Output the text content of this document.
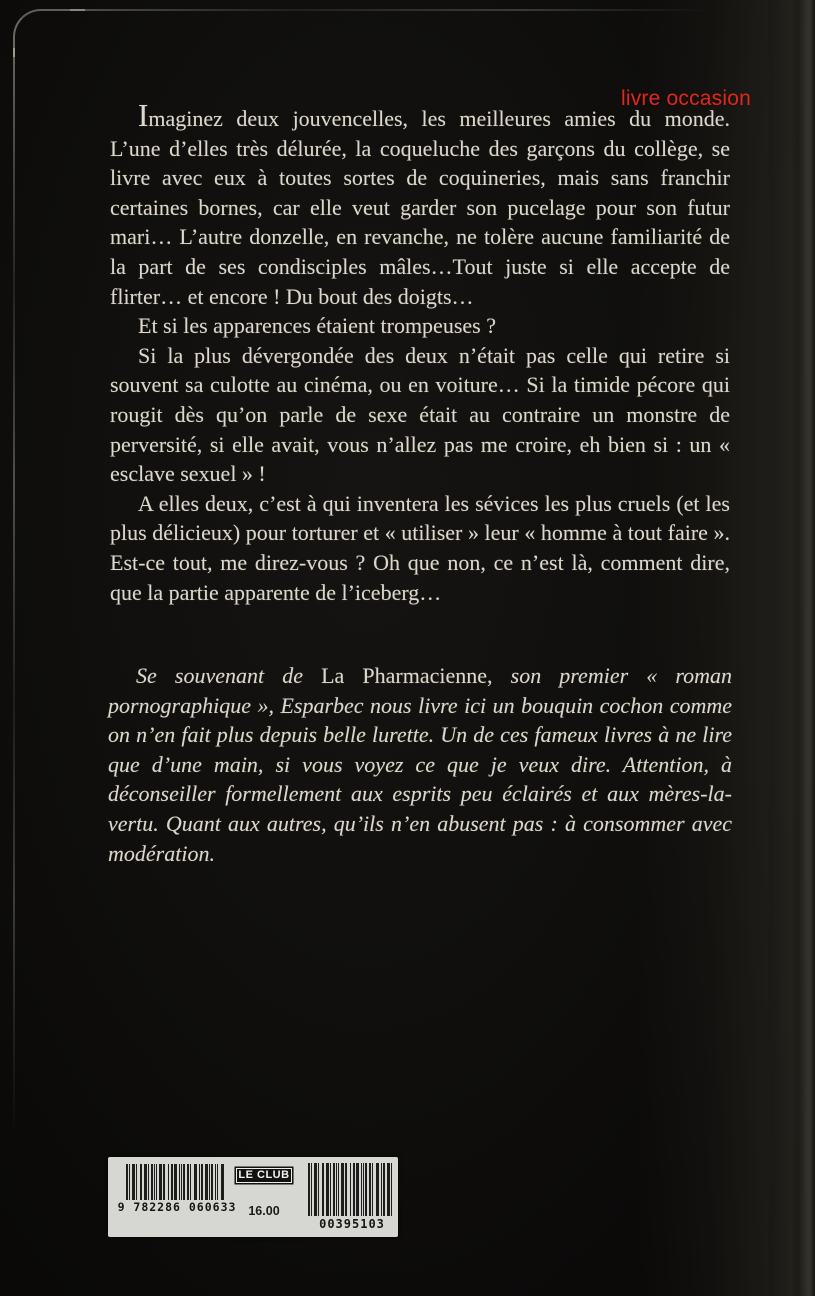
livre occasion

Imaginez deux jouvencelles, les meilleures amies du monde. L’une d’elles très délurée, la coqueluche des garçons du collège, se livre avec eux à toutes sortes de coquineries, mais sans franchir certaines bornes, car elle veut garder son pucelage pour son futur mari… L’autre donzelle, en revanche, ne tolère aucune familiarité de la part de ses condisciples mâles…Tout juste si elle accepte de flirter… et encore ! Du bout des doigts…

Et si les apparences étaient trompeuses ?

Si la plus dévergondée des deux n’était pas celle qui retire si souvent sa culotte au cinéma, ou en voiture… Si la timide pécore qui rougit dès qu’on parle de sexe était au contraire un monstre de perversité, si elle avait, vous n’allez pas me croire, eh bien si : un « esclave sexuel » !

A elles deux, c’est à qui inventera les sévices les plus cruels (et les plus délicieux) pour torturer et « utiliser » leur « homme à tout faire ». Est-ce tout, me direz-vous ? Oh que non, ce n’est là, comment dire, que la partie apparente de l’iceberg…

Se souvenant de La Pharmacienne, son premier « roman pornographique », Esparbec nous livre ici un bouquin cochon comme on n’en fait plus depuis belle lurette. Un de ces fameux livres à ne lire que d’une main, si vous voyez ce que je veux dire. Attention, à déconseiller formellement aux esprits peu éclairés et aux mères-la-vertu. Quant aux autres, qu’ils n’en abusent pas : à consommer avec modération.
9 782286 060633
LE CLUB
16.00
00395103
